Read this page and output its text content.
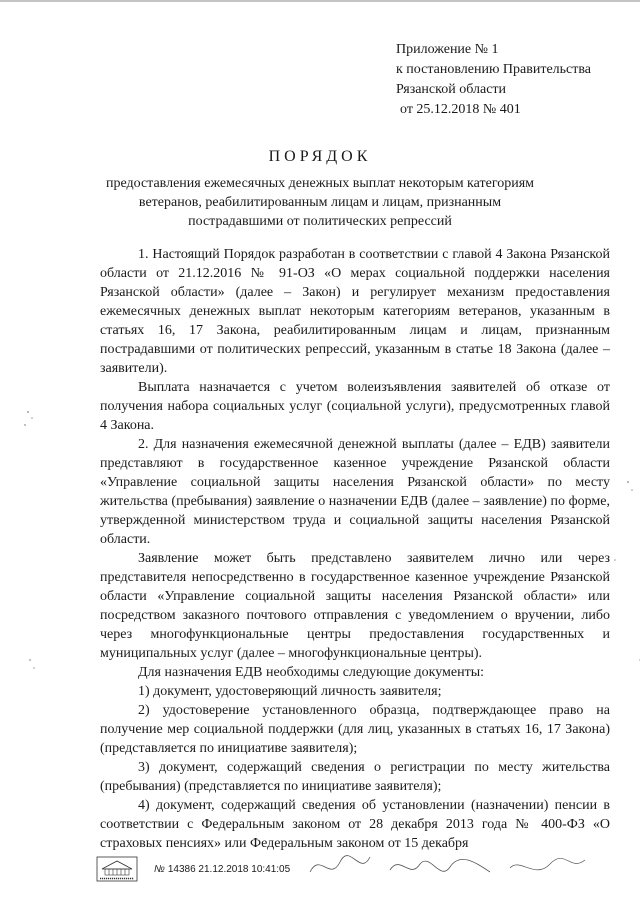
Приложение № 1
к постановлению Правительства
Рязанской области
от 25.12.2018 № 401
ПОРЯДОК
предоставления ежемесячных денежных выплат некоторым категориям
ветеранов, реабилитированным лицам и лицам, признанным
пострадавшими от политических репрессий

1. Настоящий Порядок разработан в соответствии с главой 4 Закона Рязанской области от 21.12.2016 № 91-ОЗ «О мерах социальной поддержки населения Рязанской области» (далее – Закон) и регулирует механизм предоставления ежемесячных денежных выплат некоторым категориям ветеранов, указанным в статьях 16, 17 Закона, реабилитированным лицам и лицам, признанным пострадавшими от политических репрессий, указанным в статье 18 Закона (далее – заявители).

Выплата назначается с учетом волеизъявления заявителей об отказе от получения набора социальных услуг (социальной услуги), предусмотренных главой 4 Закона.

2. Для назначения ежемесячной денежной выплаты (далее – ЕДВ) заявители представляют в государственное казенное учреждение Рязанской области «Управление социальной защиты населения Рязанской области» по месту жительства (пребывания) заявление о назначении ЕДВ (далее – заявление) по форме, утвержденной министерством труда и социальной защиты населения Рязанской области.

Заявление может быть представлено заявителем лично или через представителя непосредственно в государственное казенное учреждение Рязанской области «Управление социальной защиты населения Рязанской области» или посредством заказного почтового отправления с уведомлением о вручении, либо через многофункциональные центры предоставления государственных и муниципальных услуг (далее – многофункциональные центры).

Для назначения ЕДВ необходимы следующие документы:

1) документ, удостоверяющий личность заявителя;

2) удостоверение установленного образца, подтверждающее право на получение мер социальной поддержки (для лиц, указанных в статьях 16, 17 Закона) (представляется по инициативе заявителя);

3) документ, содержащий сведения о регистрации по месту жительства (пребывания) (представляется по инициативе заявителя);

4) документ, содержащий сведения об установлении (назначении) пенсии в соответствии с Федеральным законом от 28 декабря 2013 года № 400-ФЗ «О страховых пенсиях» или Федеральным законом от 15 декабря

№ 14386 21.12.2018 10:41:05
